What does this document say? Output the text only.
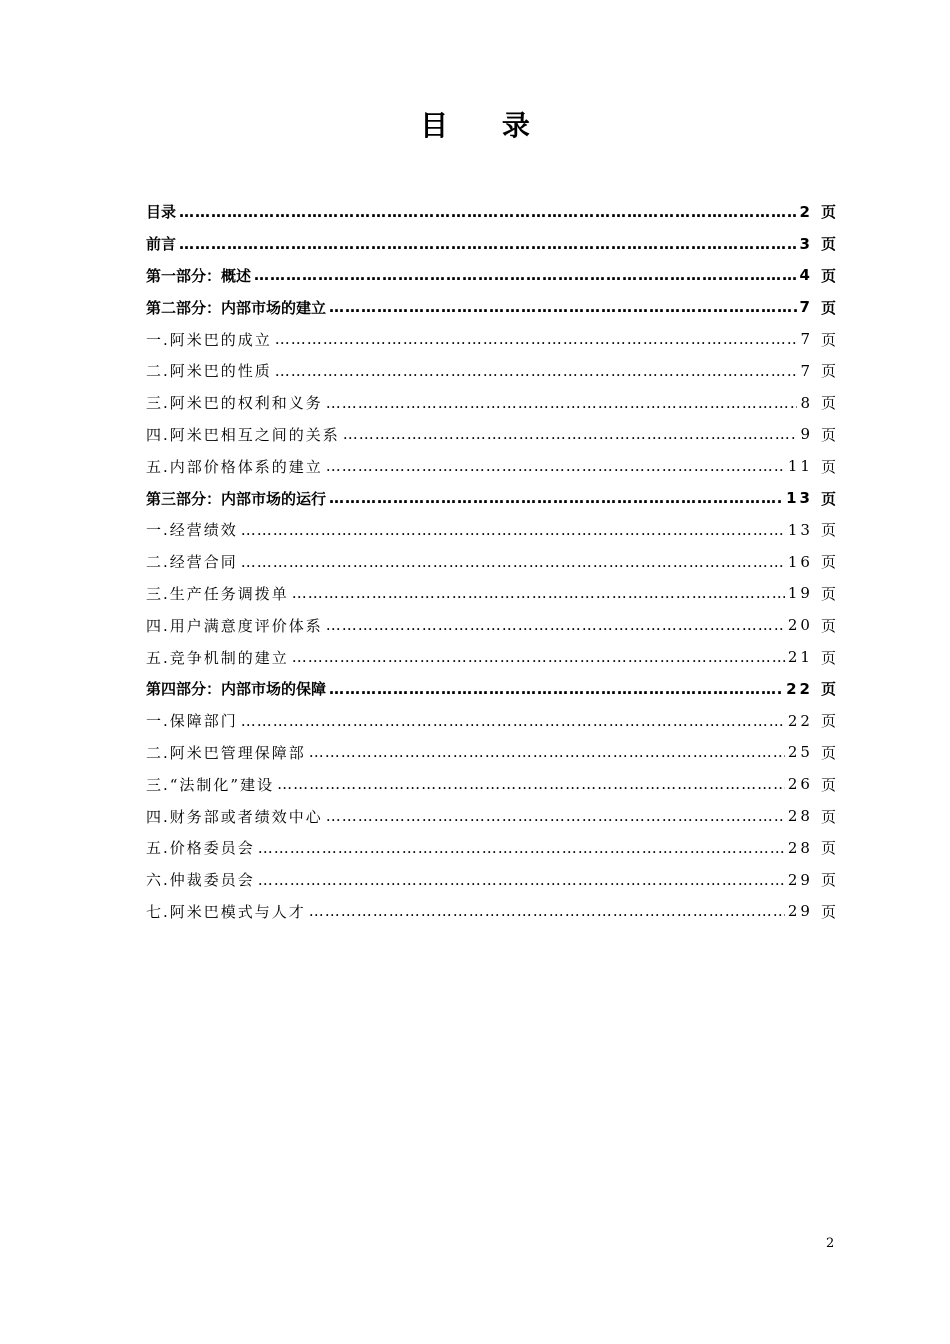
目 录
目录 ……………………………………………………………………………………………………………………………………………………………………………………	2 页
前言 ……………………………………………………………………………………………………………………………………………………………………………………	3 页
第一部分：概述 ……………………………………………………………………………………………………………………………………………………………………………………	4 页
第二部分：内部市场的建立 ……………………………………………………………………………………………………………………………………………………………………………………	7 页
一.阿米巴的成立 ……………………………………………………………………………………………………………………………………………………………………………………	7 页
二.阿米巴的性质 ……………………………………………………………………………………………………………………………………………………………………………………	7 页
三.阿米巴的权利和义务 ……………………………………………………………………………………………………………………………………………………………………………………	8 页
四.阿米巴相互之间的关系 ……………………………………………………………………………………………………………………………………………………………………………………	9 页
五.内部价格体系的建立 ……………………………………………………………………………………………………………………………………………………………………………………	11 页
第三部分：内部市场的运行 ……………………………………………………………………………………………………………………………………………………………………………………	13 页
一.经营绩效 ……………………………………………………………………………………………………………………………………………………………………………………	13 页
二.经营合同 ……………………………………………………………………………………………………………………………………………………………………………………	16 页
三.生产任务调拨单 ……………………………………………………………………………………………………………………………………………………………………………………	19 页
四.用户满意度评价体系 ……………………………………………………………………………………………………………………………………………………………………………………	20 页
五.竞争机制的建立 ……………………………………………………………………………………………………………………………………………………………………………………	21 页
第四部分：内部市场的保障 ……………………………………………………………………………………………………………………………………………………………………………………	22 页
一.保障部门 ……………………………………………………………………………………………………………………………………………………………………………………	22 页
二.阿米巴管理保障部 ……………………………………………………………………………………………………………………………………………………………………………………	25 页
三.“法制化”建设 ……………………………………………………………………………………………………………………………………………………………………………………	26 页
四.财务部或者绩效中心 ……………………………………………………………………………………………………………………………………………………………………………………	28 页
五.价格委员会 ……………………………………………………………………………………………………………………………………………………………………………………	28 页
六.仲裁委员会 ……………………………………………………………………………………………………………………………………………………………………………………	29 页
七.阿米巴模式与人才 ……………………………………………………………………………………………………………………………………………………………………………………	29 页
2
